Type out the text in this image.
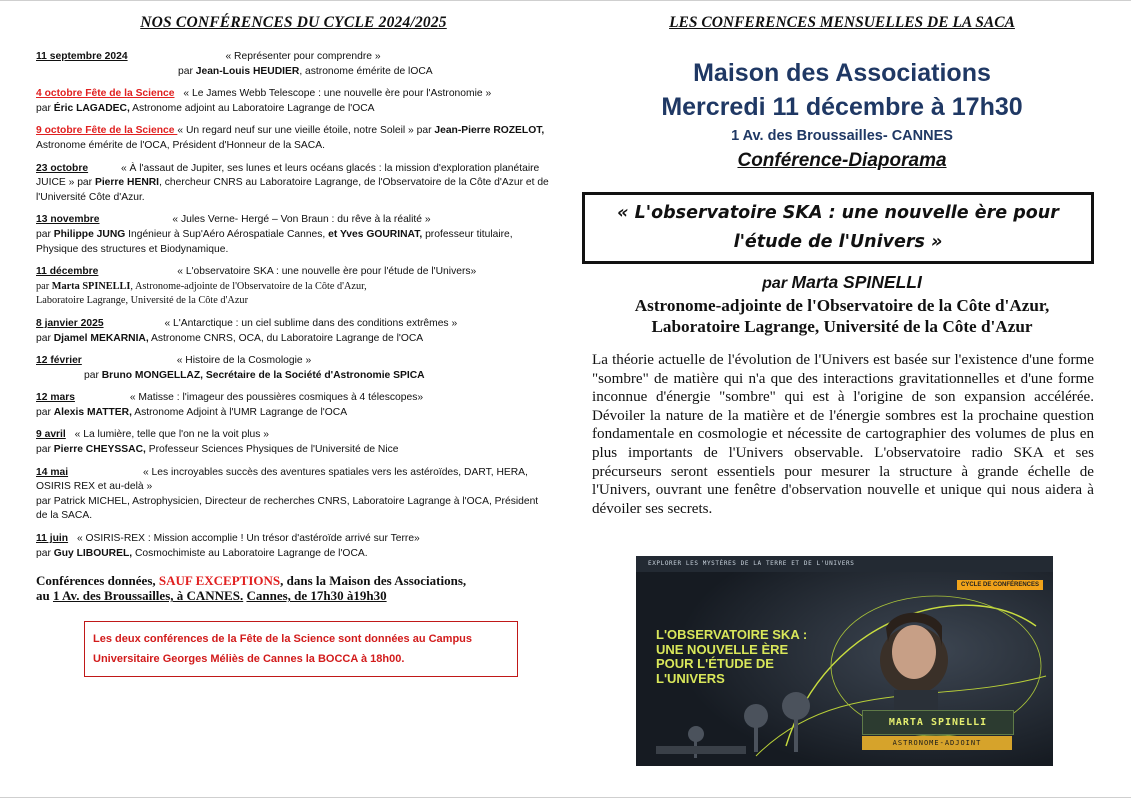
NOS CONFÉRENCES DU CYCLE 2024/2025
11 septembre 2024	« Représenter pour comprendre »
par Jean-Louis HEUDIER, astronome émérite de lOCA
4 octobre Fête de la Science « Le James Webb Telescope : une nouvelle ère pour l'Astronomie »
par Éric LAGADEC, Astronome adjoint au Laboratoire Lagrange de l'OCA
9 octobre Fête de la Science « Un regard neuf sur une vieille étoile, notre Soleil » par Jean-Pierre ROZELOT, Astronome émérite de l'OCA, Président d'Honneur de la SACA.
23 octobre	« À l'assaut de Jupiter, ses lunes et leurs océans glacés : la mission d'exploration planétaire JUICE » par Pierre HENRI, chercheur CNRS au Laboratoire Lagrange, de l'Observatoire de la Côte d'Azur et de l'Université Côte d'Azur.
13 novembre	« Jules Verne- Hergé – Von Braun : du rêve à la réalité »
par Philippe JUNG Ingénieur à Sup'Aéro Aérospatiale Cannes, et Yves GOURINAT, professeur titulaire, Physique des structures et Biodynamique.
11 décembre	« L'observatoire SKA : une nouvelle ère pour l'étude de l'Univers»
par Marta SPINELLI, Astronome-adjointe de l'Observatoire de la Côte d'Azur,
Laboratoire Lagrange, Université de la Côte d'Azur
8 janvier 2025	« L'Antarctique : un ciel sublime dans des conditions extrêmes »
par Djamel MEKARNIA, Astronome CNRS, OCA, du Laboratoire Lagrange de l'OCA
12 février	« Histoire de la Cosmologie »
par Bruno MONGELLAZ, Secrétaire de la Société d'Astronomie SPICA
12 mars	« Matisse : l'imageur des poussières cosmiques à 4 télescopes»
par Alexis MATTER, Astronome Adjoint à l'UMR Lagrange de l'OCA
9 avril « La lumière, telle que l'on ne la voit plus »
par Pierre CHEYSSAC, Professeur Sciences Physiques de l'Université de Nice
14 mai	« Les incroyables succès des aventures spatiales vers les astéroïdes, DART, HERA, OSIRIS REX et au-delà »
par Patrick MICHEL, Astrophysicien, Directeur de recherches CNRS, Laboratoire Lagrange à l'OCA, Président de la SACA.
11 juin « OSIRIS-REX : Mission accomplie ! Un trésor d'astéroïde arrivé sur Terre»
par Guy LIBOUREL, Cosmochimiste au Laboratoire Lagrange de l'OCA.
Conférences données, SAUF EXCEPTIONS, dans la Maison des Associations,
au 1 Av. des Broussailles, à CANNES. Cannes, de 17h30 à19h30
Les deux conférences de la Fête de la Science sont données au Campus Universitaire Georges Méliès de Cannes la BOCCA à 18h00.
LES CONFERENCES MENSUELLES DE LA SACA
Maison des Associations
Mercredi 11 décembre à 17h30
1 Av. des Broussailles- CANNES
Conférence-Diaporama
« L'observatoire SKA : une nouvelle ère pour l'étude de l'Univers »
par Marta SPINELLI
Astronome-adjointe de l'Observatoire de la Côte d'Azur,
Laboratoire Lagrange, Université de la Côte d'Azur
La théorie actuelle de l'évolution de l'Univers est basée sur l'existence d'une forme "sombre" de matière qui n'a que des interactions gravitationnelles et d'une forme inconnue d'énergie "sombre" qui est à l'origine de son expansion accélérée. Dévoiler la nature de la matière et de l'énergie sombres est la prochaine question fondamentale en cosmologie et nécessite de cartographier des volumes de plus en plus importants de l'Univers observable. L'observatoire radio SKA et ses précurseurs seront essentiels pour mesurer la structure à grande échelle de l'Univers, ouvrant une fenêtre d'observation nouvelle et unique qui nous aidera à dévoiler ses secrets.
EXPLORER LES MYSTÈRES DE LA TERRE ET DE L'UNIVERS
CYCLE DE CONFÉRENCES
L'OBSERVATOIRE SKA : UNE NOUVELLE ÈRE POUR L'ÉTUDE DE L'UNIVERS
MARTA SPINELLI
ASTRONOME-ADJOINT
